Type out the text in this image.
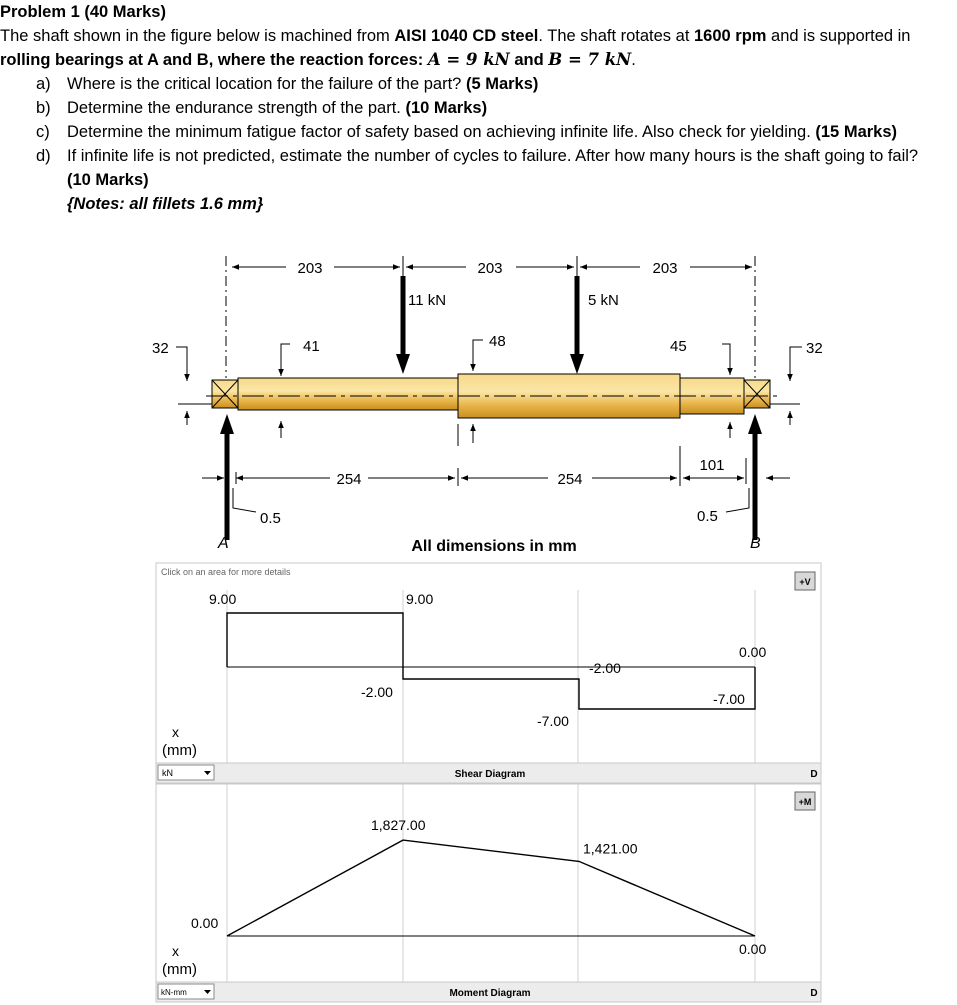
Problem 1 (40 Marks)

The shaft shown in the figure below is machined from AISI 1040 CD steel. The shaft rotates at 1600 rpm and is supported in rolling bearings at A and B, where the reaction forces: A = 9 kN and B = 7 kN.

a) Where is the critical location for the failure of the part? (5 Marks)
b) Determine the endurance strength of the part. (10 Marks)
c) Determine the minimum fatigue factor of safety based on achieving infinite life. Also check for yielding. (15 Marks)
d) If infinite life is not predicted, estimate the number of cycles to failure. After how many hours is the shaft going to fail? (10 Marks)
{Notes: all fillets 1.6 mm}
203	203	203
11 kN	5 kN
32	41	48	45	32
254	254
101
0.5	0.5
A	B
All dimensions in mm
Click on an area for more details
9.00	9.00
-2.00
-2.00
-7.00
-7.00
0.00
+V
x
(mm)
kN	Shear Diagram	D
0.00
1,827.00
1,421.00
0.00
+M
x
(mm)
kN-mm	Moment Diagram	D
